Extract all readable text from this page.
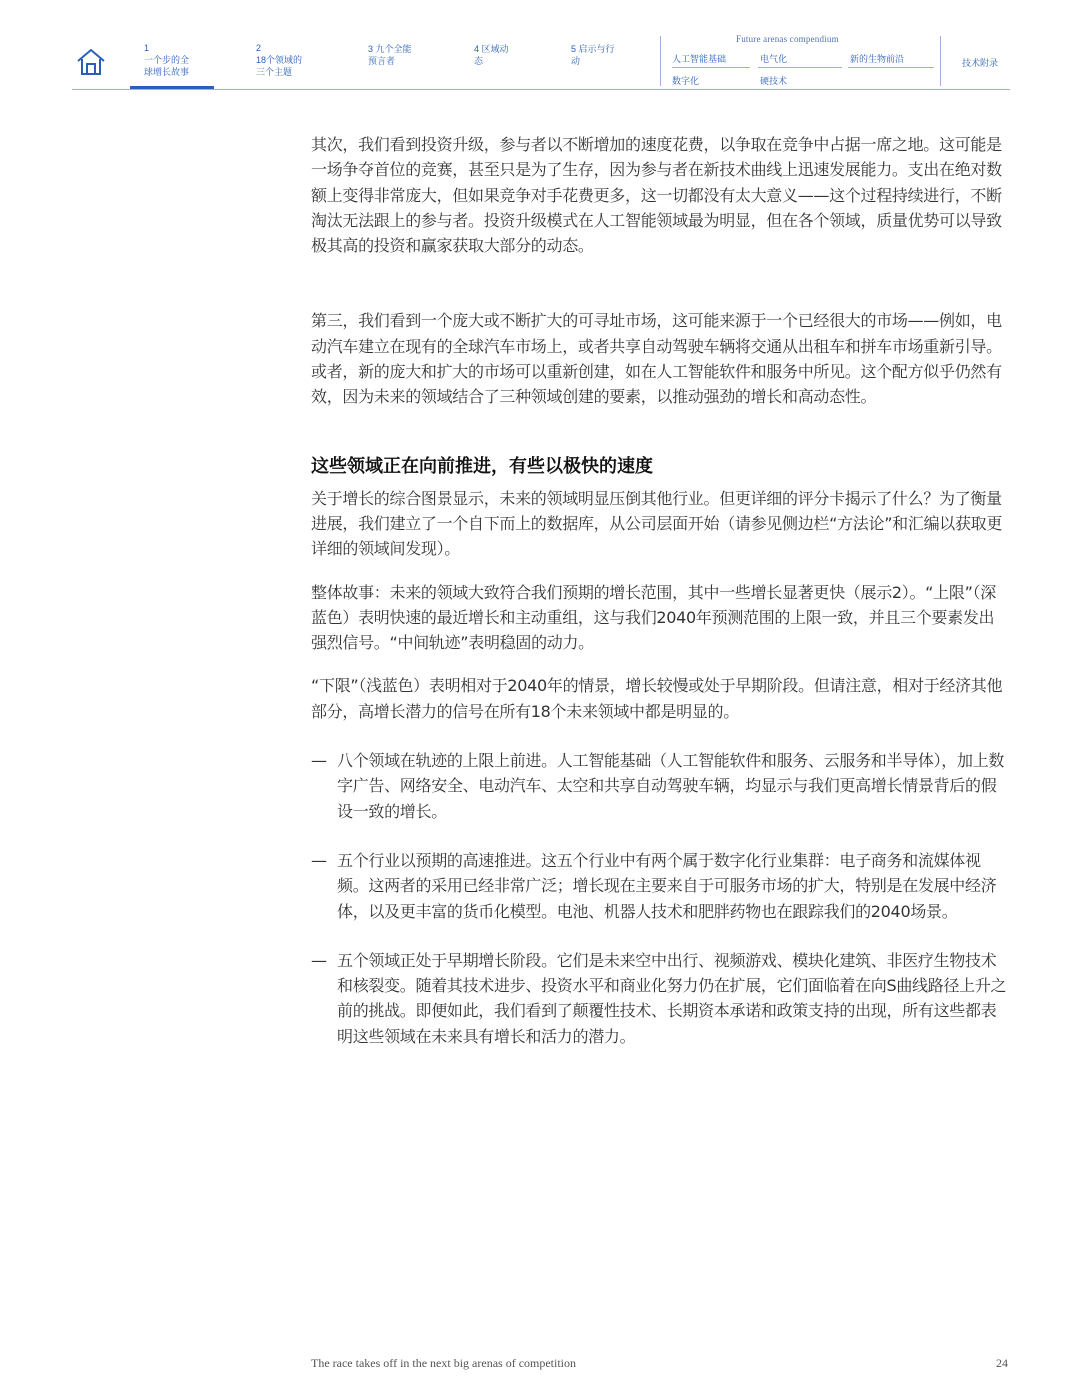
1
一个步的全
球增长故事
2
18个领域的
三个主题
3 九个全能
预言者
4 区域动
态
5 启示与行
动
Future arenas compendium
人工智能基础	电气化	新的生物前沿
数字化	硬技术
技术附录

其次，我们看到投资升级，参与者以不断增加的速度花费，以争取在竞争中占据一席之地。这可能是一场争夺首位的竞赛，甚至只是为了生存，因为参与者在新技术曲线上迅速发展能力。支出在绝对数额上变得非常庞大，但如果竞争对手花费更多，这一切都没有太大意义——这个过程持续进行，不断淘汰无法跟上的参与者。投资升级模式在人工智能领域最为明显，但在各个领域，质量优势可以导致极其高的投资和赢家获取大部分的动态。

第三，我们看到一个庞大或不断扩大的可寻址市场，这可能来源于一个已经很大的市场——例如，电动汽车建立在现有的全球汽车市场上，或者共享自动驾驶车辆将交通从出租车和拼车市场重新引导。或者，新的庞大和扩大的市场可以重新创建，如在人工智能软件和服务中所见。这个配方似乎仍然有效，因为未来的领域结合了三种领域创建的要素，以推动强劲的增长和高动态性。

这些领域正在向前推进，有些以极快的速度

关于增长的综合图景显示，未来的领域明显压倒其他行业。但更详细的评分卡揭示了什么？为了衡量进展，我们建立了一个自下而上的数据库，从公司层面开始（请参见侧边栏“方法论”和汇编以获取更详细的领域间发现）。

整体故事：未来的领域大致符合我们预期的增长范围，其中一些增长显著更快（展示2）。“上限”（深蓝色）表明快速的最近增长和主动重组，这与我们2040年预测范围的上限一致，并且三个要素发出强烈信号。“中间轨迹”表明稳固的动力。

“下限”（浅蓝色）表明相对于2040年的情景，增长较慢或处于早期阶段。但请注意，相对于经济其他部分，高增长潜力的信号在所有18个未来领域中都是明显的。

— 八个领域在轨迹的上限上前进。人工智能基础（人工智能软件和服务、云服务和半导体），加上数字广告、网络安全、电动汽车、太空和共享自动驾驶车辆，均显示与我们更高增长情景背后的假设一致的增长。
— 五个行业以预期的高速推进。这五个行业中有两个属于数字化行业集群：电子商务和流媒体视频。这两者的采用已经非常广泛；增长现在主要来自于可服务市场的扩大，特别是在发展中经济体，以及更丰富的货币化模型。电池、机器人技术和肥胖药物也在跟踪我们的2040场景。
— 五个领域正处于早期增长阶段。它们是未来空中出行、视频游戏、模块化建筑、非医疗生物技术和核裂变。随着其技术进步、投资水平和商业化努力仍在扩展，它们面临着在向S曲线路径上升之前的挑战。即便如此，我们看到了颠覆性技术、长期资本承诺和政策支持的出现，所有这些都表明这些领域在未来具有增长和活力的潜力。
The race takes off in the next big arenas of competition	24
